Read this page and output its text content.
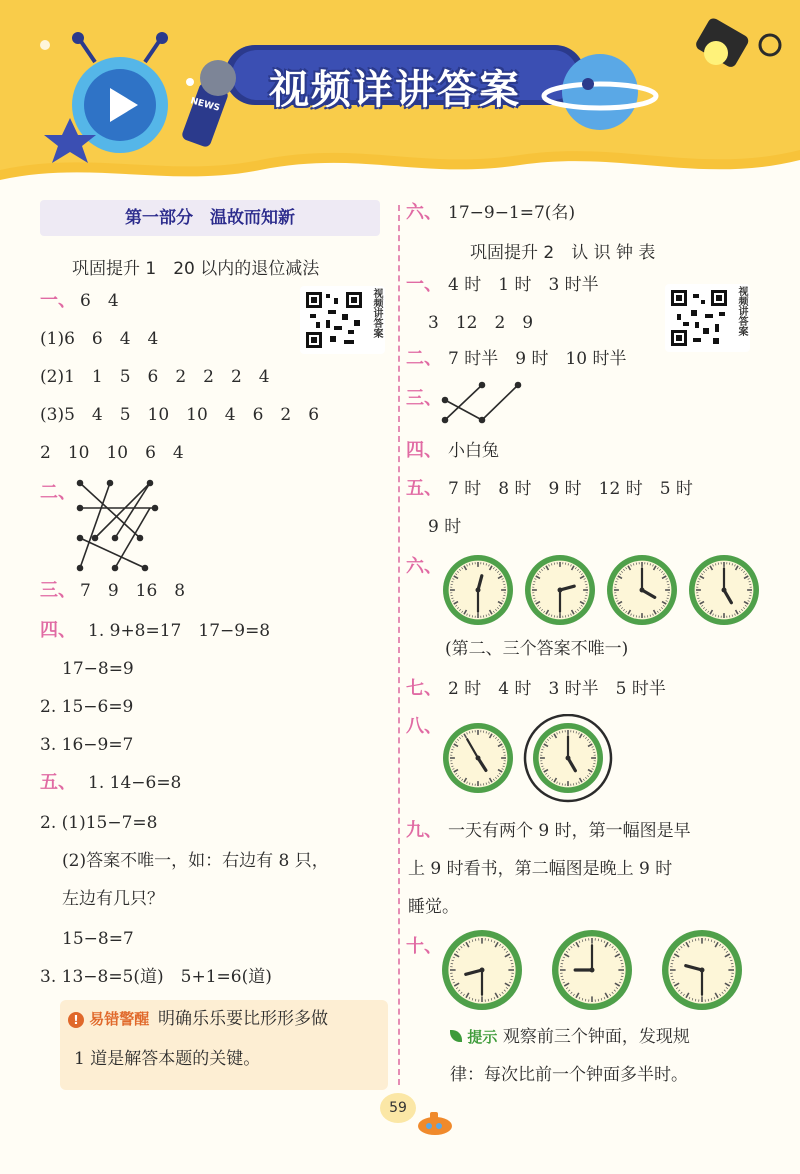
视频详讲答案
NEWS
第一部分　温故而知新
巩固提升 1　20 以内的退位减法
视频讲答案
一、 6　4
(1)6　6　4　4
(2)1　1　5　6　2　2　2　4
(3)5　4　5　10　10　4　6　2　6
2　10　10　6　4
二、
三、 7　9　16　8
四、 1. 9+8=17　17−9=8
17−8=9
2. 15−6=9
3. 16−9=7
五、 1. 14−6=8
2. (1)15−7=8
(2)答案不唯一，如：右边有 8 只，
左边有几只？
15−8=7
3. 13−8=5(道)　5+1=6(道)
! 易错警醒 明确乐乐要比形形多做
1 道是解答本题的关键。
六、 17−9−1=7(名)
巩固提升 2　认 识 钟 表
视频讲答案
一、 4 时　1 时　3 时半
3　12　2　9
二、 7 时半　9 时　10 时半
三、
四、 小白兔
五、 7 时　8 时　9 时　12 时　5 时
9 时
六、
(第二、三个答案不唯一)
七、 2 时　4 时　3 时半　5 时半
八、
九、 一天有两个 9 时，第一幅图是早
上 9 时看书，第二幅图是晚上 9 时
睡觉。
十、
提示 观察前三个钟面，发现规
律：每次比前一个钟面多半时。
59
